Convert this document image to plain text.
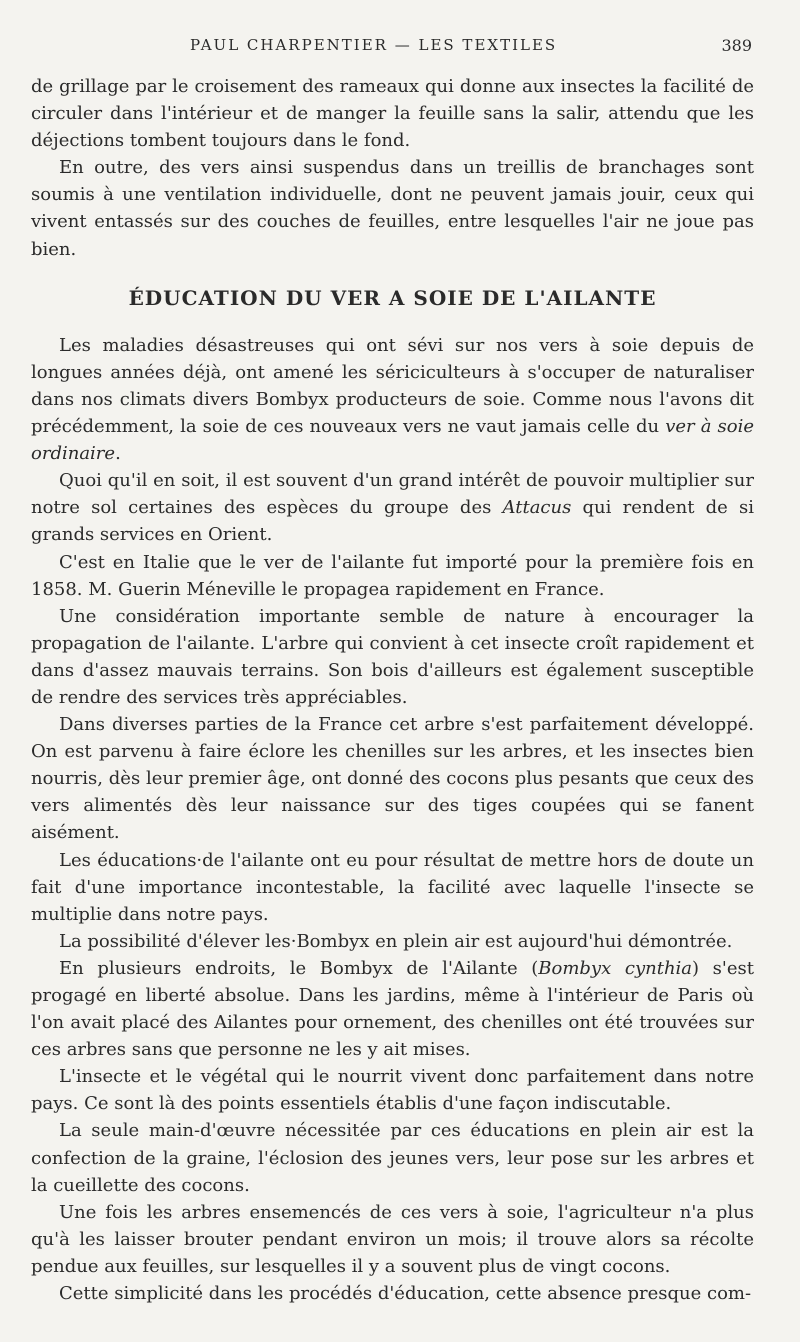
PAUL CHARPENTIER — LES TEXTILES	389

de grillage par le croisement des rameaux qui donne aux insectes la facilité de circuler dans l'intérieur et de manger la feuille sans la salir, attendu que les déjections tombent toujours dans le fond.

En outre, des vers ainsi suspendus dans un treillis de branchages sont soumis à une ventilation individuelle, dont ne peuvent jamais jouir, ceux qui vivent entassés sur des couches de feuilles, entre lesquelles l'air ne joue pas bien.

ÉDUCATION DU VER A SOIE DE L'AILANTE

Les maladies désastreuses qui ont sévi sur nos vers à soie depuis de longues années déjà, ont amené les sériciculteurs à s'occuper de naturaliser dans nos climats divers Bombyx producteurs de soie. Comme nous l'avons dit précédemment, la soie de ces nouveaux vers ne vaut jamais celle du ver à soie ordinaire.

Quoi qu'il en soit, il est souvent d'un grand intérêt de pouvoir multiplier sur notre sol certaines des espèces du groupe des Attacus qui rendent de si grands services en Orient.

C'est en Italie que le ver de l'ailante fut importé pour la première fois en 1858. M. Guerin Méneville le propagea rapidement en France.

Une considération importante semble de nature à encourager la propagation de l'ailante. L'arbre qui convient à cet insecte croît rapidement et dans d'assez mauvais terrains. Son bois d'ailleurs est également susceptible de rendre des services très appréciables.

Dans diverses parties de la France cet arbre s'est parfaitement développé. On est parvenu à faire éclore les chenilles sur les arbres, et les insectes bien nourris, dès leur premier âge, ont donné des cocons plus pesants que ceux des vers alimentés dès leur naissance sur des tiges coupées qui se fanent aisément.

Les éducations·de l'ailante ont eu pour résultat de mettre hors de doute un fait d'une importance incontestable, la facilité avec laquelle l'insecte se multiplie dans notre pays.

La possibilité d'élever les·Bombyx en plein air est aujourd'hui démontrée.

En plusieurs endroits, le Bombyx de l'Ailante (Bombyx cynthia) s'est progagé en liberté absolue. Dans les jardins, même à l'intérieur de Paris où l'on avait placé des Ailantes pour ornement, des chenilles ont été trouvées sur ces arbres sans que personne ne les y ait mises.

L'insecte et le végétal qui le nourrit vivent donc parfaitement dans notre pays. Ce sont là des points essentiels établis d'une façon indiscutable.

La seule main-d'œuvre nécessitée par ces éducations en plein air est la confection de la graine, l'éclosion des jeunes vers, leur pose sur les arbres et la cueillette des cocons.

Une fois les arbres ensemencés de ces vers à soie, l'agriculteur n'a plus qu'à les laisser brouter pendant environ un mois; il trouve alors sa récolte pendue aux feuilles, sur lesquelles il y a souvent plus de vingt cocons.

Cette simplicité dans les procédés d'éducation, cette absence presque com-
